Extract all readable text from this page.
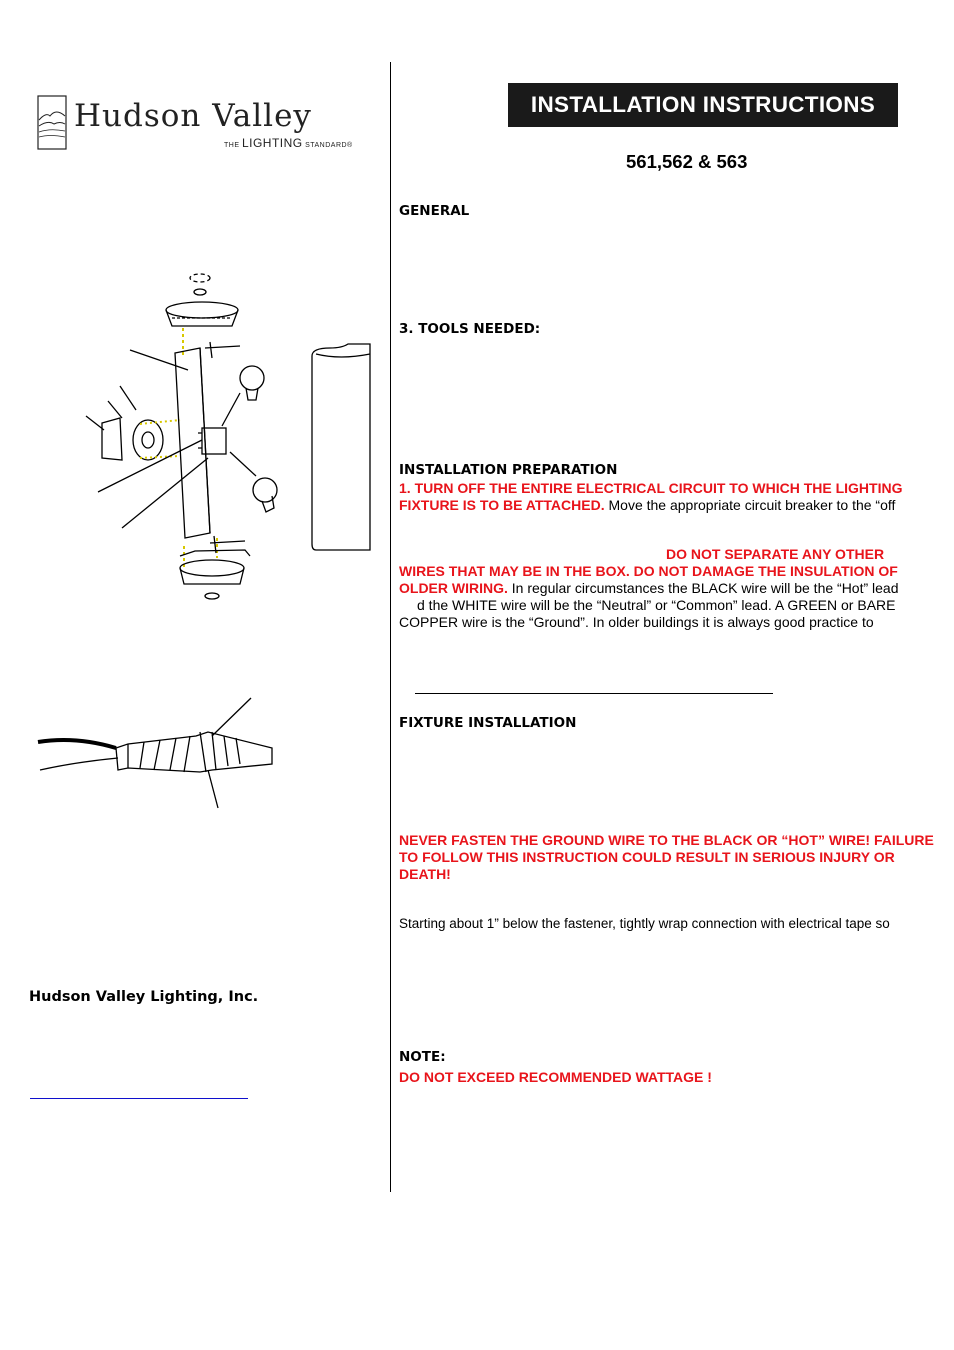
Hudson Valley
THE LIGHTING STANDARD®
INSTALLATION INSTRUCTIONS
561,562 & 563
GENERAL
3. TOOLS NEEDED:
INSTALLATION PREPARATION
1. TURN OFF THE ENTIRE ELECTRICAL CIRCUIT TO WHICH THE LIGHTING FIXTURE IS TO BE ATTACHED. Move the appropriate circuit breaker to the “off
DO NOT SEPARATE ANY OTHER
WIRES THAT MAY BE IN THE BOX. DO NOT DAMAGE THE INSULATION OF OLDER WIRING. In regular circumstances the BLACK wire will be the “Hot” lead
d the WHITE wire will be the “Neutral” or “Common” lead. A GREEN or BARE
COPPER wire is the “Ground”. In older buildings it is always good practice to
FIXTURE INSTALLATION
NEVER FASTEN THE GROUND WIRE TO THE BLACK OR “HOT” WIRE! FAILURE TO FOLLOW THIS INSTRUCTION COULD RESULT IN SERIOUS INJURY OR DEATH!
Starting about 1” below the fastener, tightly wrap connection with electrical tape so
NOTE:
DO NOT EXCEED RECOMMENDED WATTAGE !
Hudson Valley Lighting, Inc.
